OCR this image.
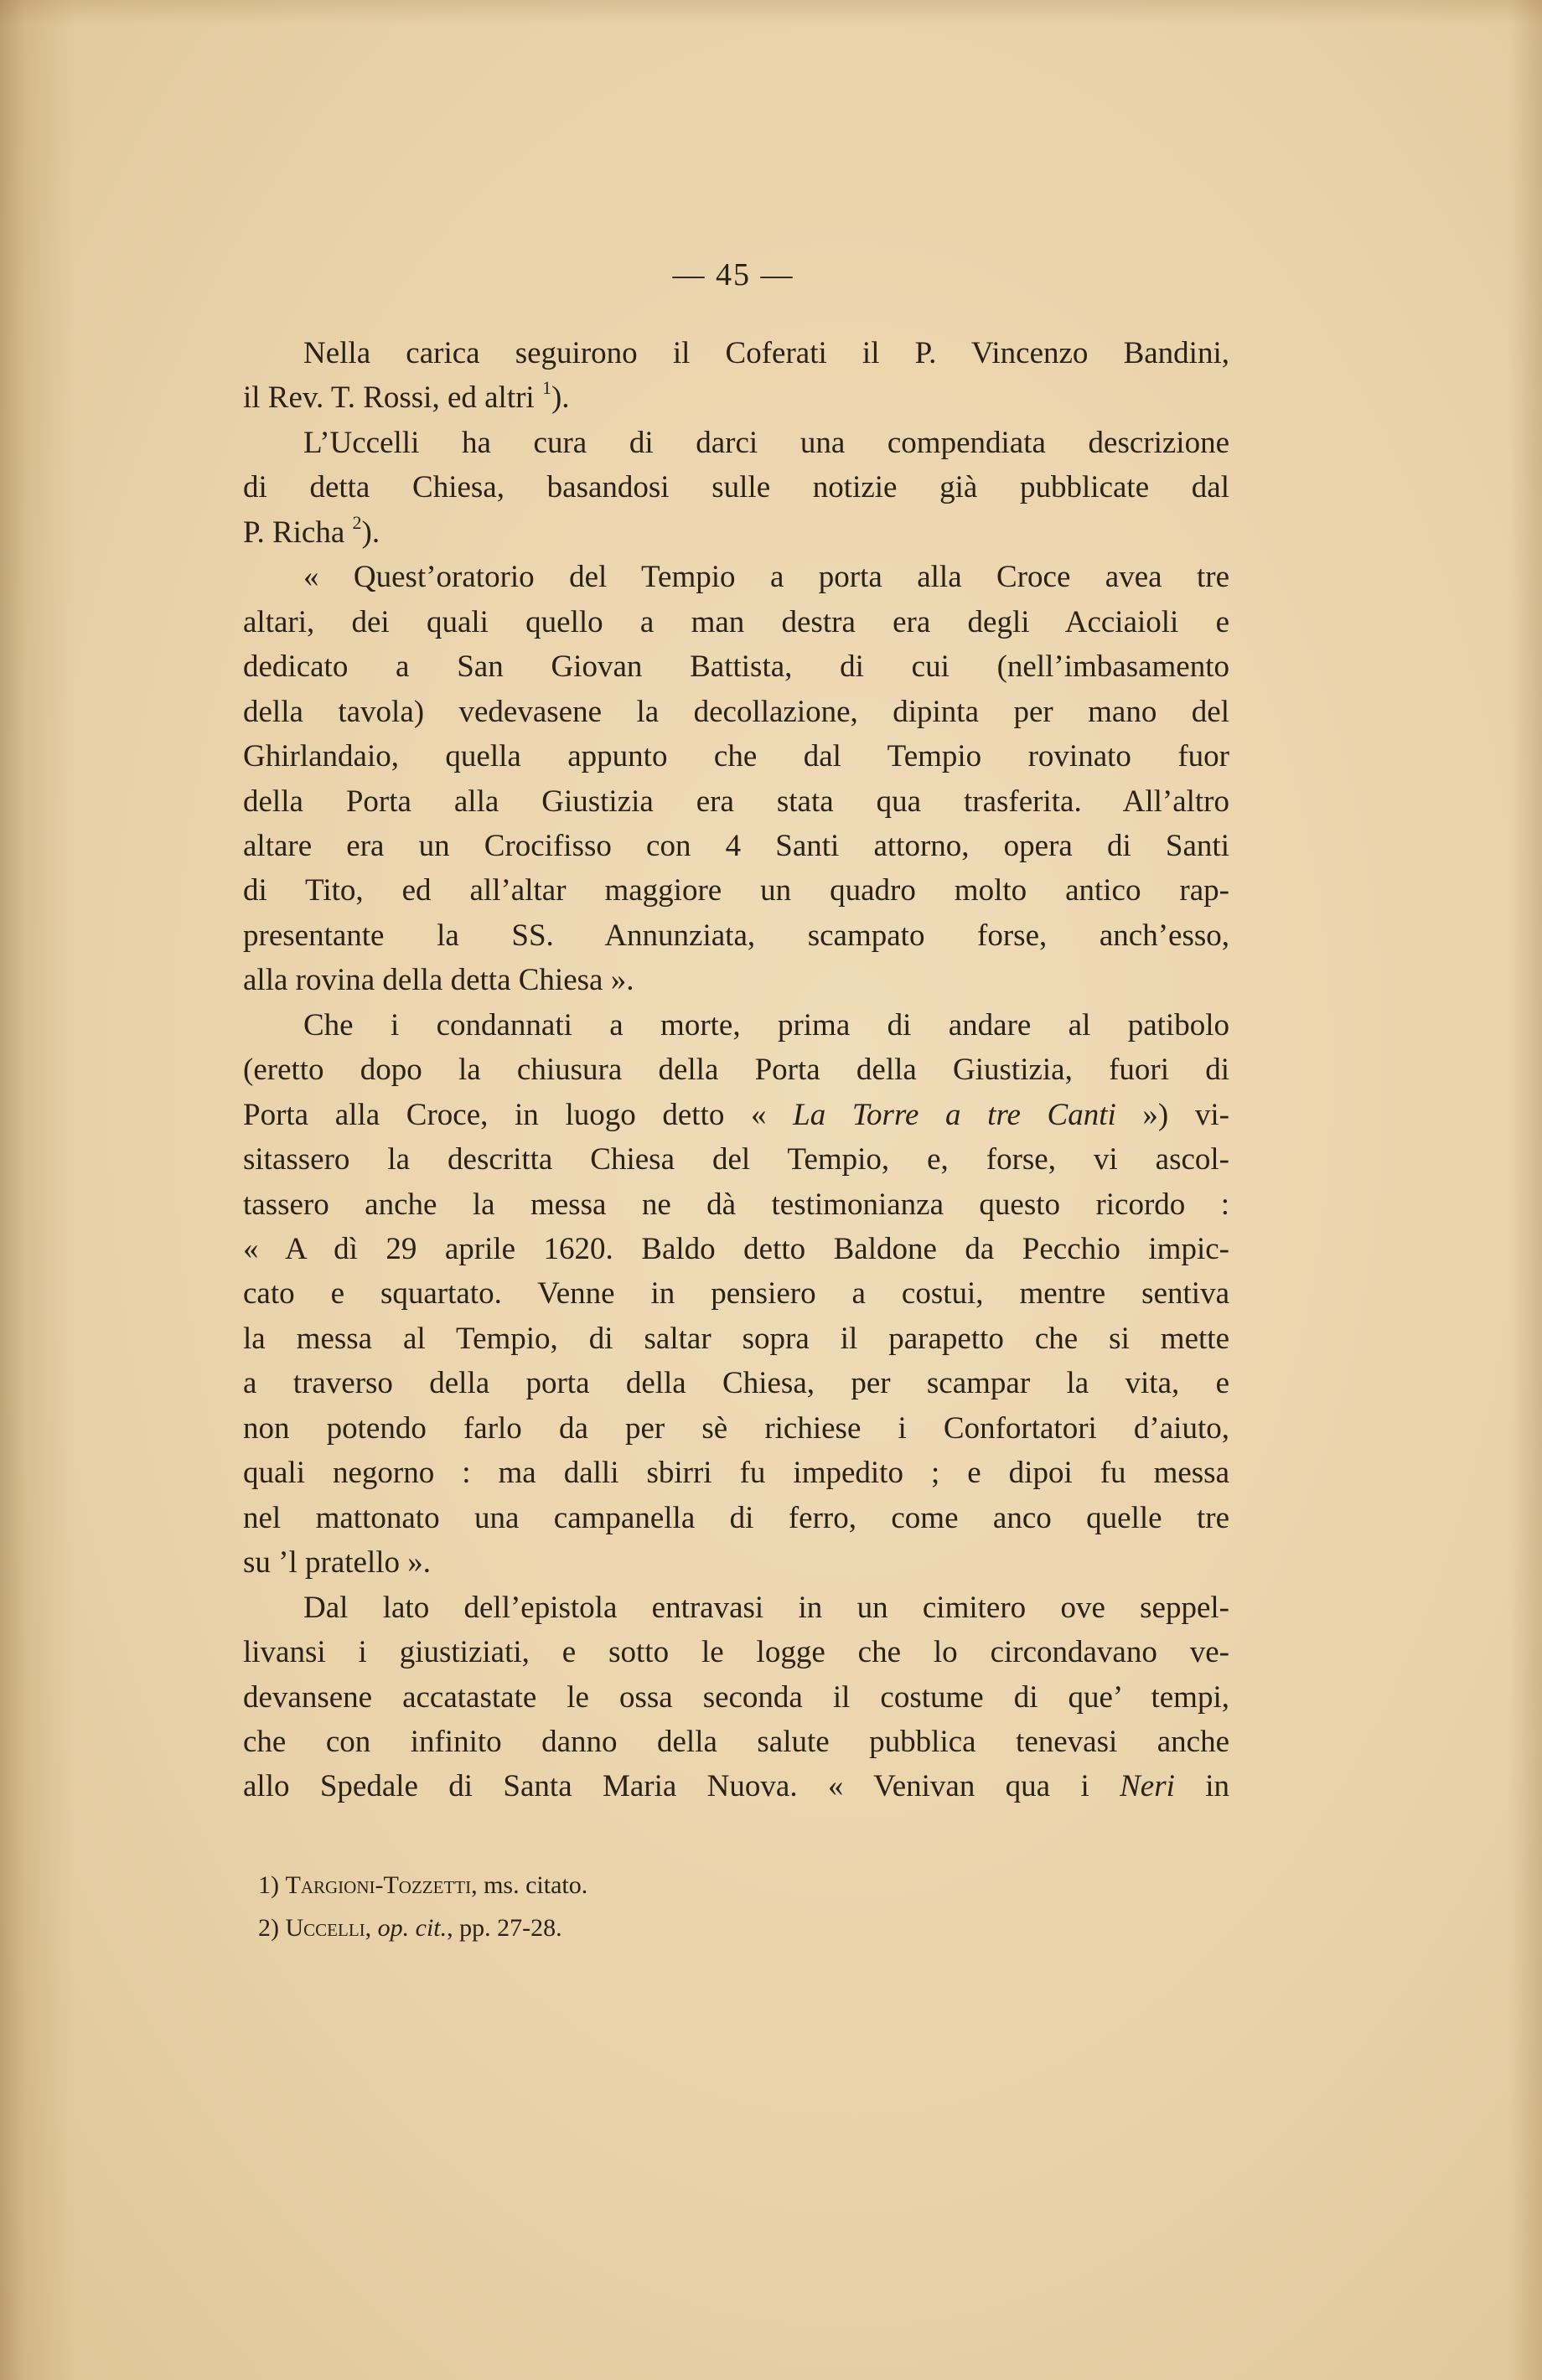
— 45 —
Nella carica seguirono il Coferati il P. Vincenzo Bandini,
il Rev. T. Rossi, ed altri $^1$).
L’Uccelli ha cura di darci una compendiata descrizione
di detta Chiesa, basandosi sulle notizie già pubblicate dal
P. Richa $^2$).
« Quest’oratorio del Tempio a porta alla Croce avea tre
altari, dei quali quello a man destra era degli Acciaioli e
dedicato a San Giovan Battista, di cui (nell’imbasamento
della tavola) vedevasene la decollazione, dipinta per mano del
Ghirlandaio, quella appunto che dal Tempio rovinato fuor
della Porta alla Giustizia era stata qua trasferita. All’altro
altare era un Crocifisso con 4 Santi attorno, opera di Santi
di Tito, ed all’altar maggiore un quadro molto antico rap-
presentante la SS. Annunziata, scampato forse, anch’esso,
alla rovina della detta Chiesa ».
Che i condannati a morte, prima di andare al patibolo
(eretto dopo la chiusura della Porta della Giustizia, fuori di
Porta alla Croce, in luogo detto « La Torre a tre Canti ») vi-
sitassero la descritta Chiesa del Tempio, e, forse, vi ascol-
tassero anche la messa ne dà testimonianza questo ricordo :
« A dì 29 aprile 1620. Baldo detto Baldone da Pecchio impic-
cato e squartato. Venne in pensiero a costui, mentre sentiva
la messa al Tempio, di saltar sopra il parapetto che si mette
a traverso della porta della Chiesa, per scampar la vita, e
non potendo farlo da per sè richiese i Confortatori d’aiuto,
quali negorno : ma dalli sbirri fu impedito ; e dipoi fu messa
nel mattonato una campanella di ferro, come anco quelle tre
su ’l pratello ».
Dal lato dell’epistola entravasi in un cimitero ove seppel-
livansi i giustiziati, e sotto le logge che lo circondavano ve-
devansene accatastate le ossa seconda il costume di que’ tempi,
che con infinito danno della salute pubblica tenevasi anche
allo Spedale di Santa Maria Nuova. « Venivan qua i Neri in
1) Targioni-Tozzetti, ms. citato.
2) Uccelli, op. cit., pp. 27-28.
